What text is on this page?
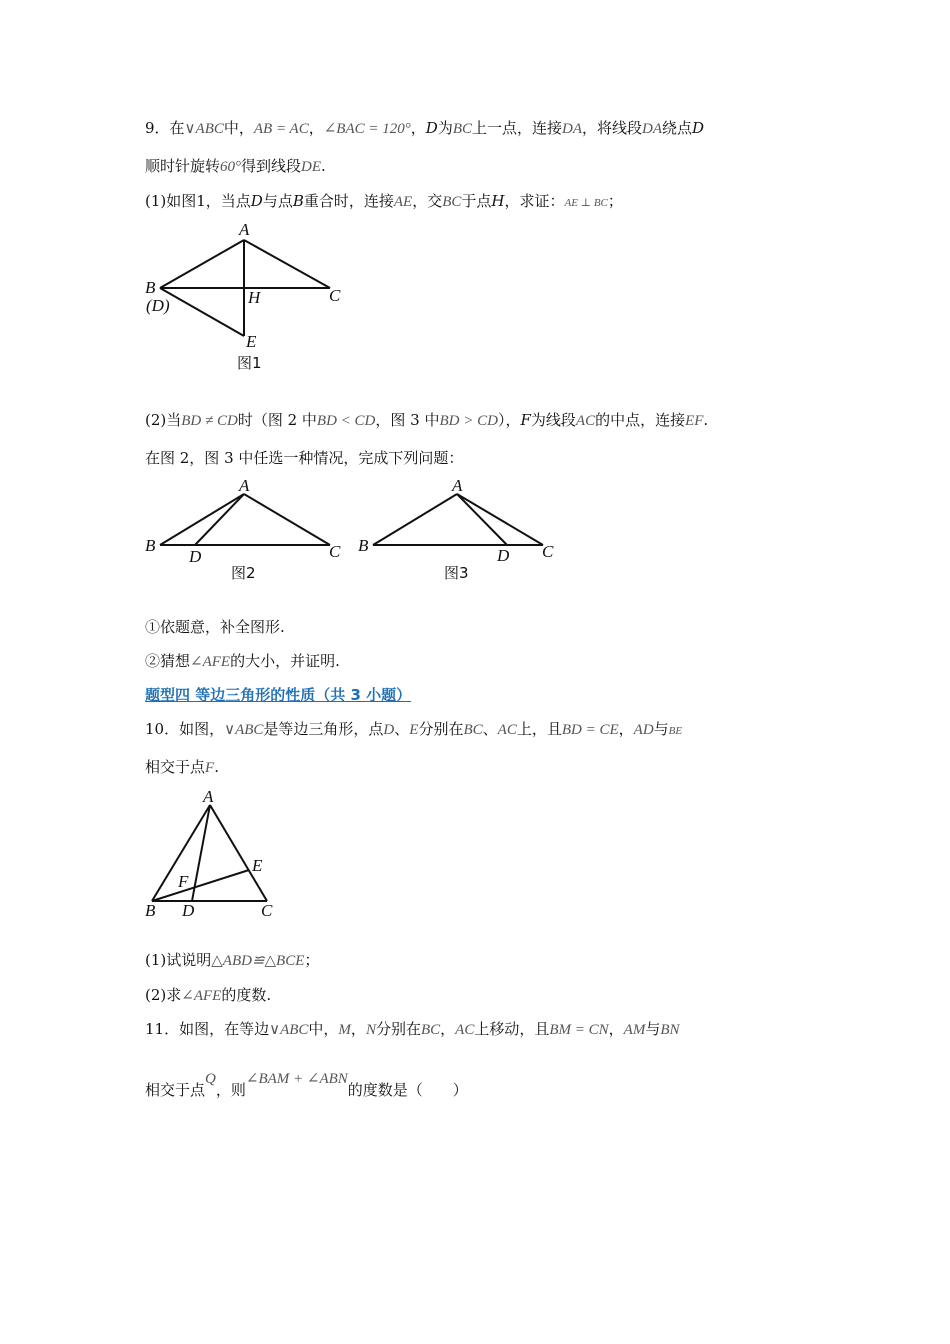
9．在∨ABC中，AB = AC，∠BAC = 120°，D为BC上一点，连接DA，将线段DA绕点D
顺时针旋转60°得到线段DE.
(1)如图1，当点D与点B重合时，连接AE，交BC于点H，求证：AE ⊥ BC；
A
B
(D)	H	C
E
图1
(2)当BD ≠ CD时（图 2 中BD < CD，图 3 中BD > CD），F为线段AC的中点，连接EF.
在图 2，图 3 中任选一种情况，完成下列问题：
A
B
D	C
图2
A
B
D C
图3
①依题意，补全图形.
②猜想∠AFE的大小，并证明.
题型四 等边三角形的性质（共 3 小题）
10．如图，∨ABC是等边三角形，点D、E分别在BC、AC上，且BD = CE，AD与BE
相交于点F.
A
B D	C
E
F
(1)试说明△ABD≌△BCE；
(2)求∠AFE的度数.
11．如图，在等边∨ABC中，M，N分别在BC，AC上移动，且BM = CN，AM与BN
相交于点Q，则∠BAM + ∠ABN的度数是（　　）
